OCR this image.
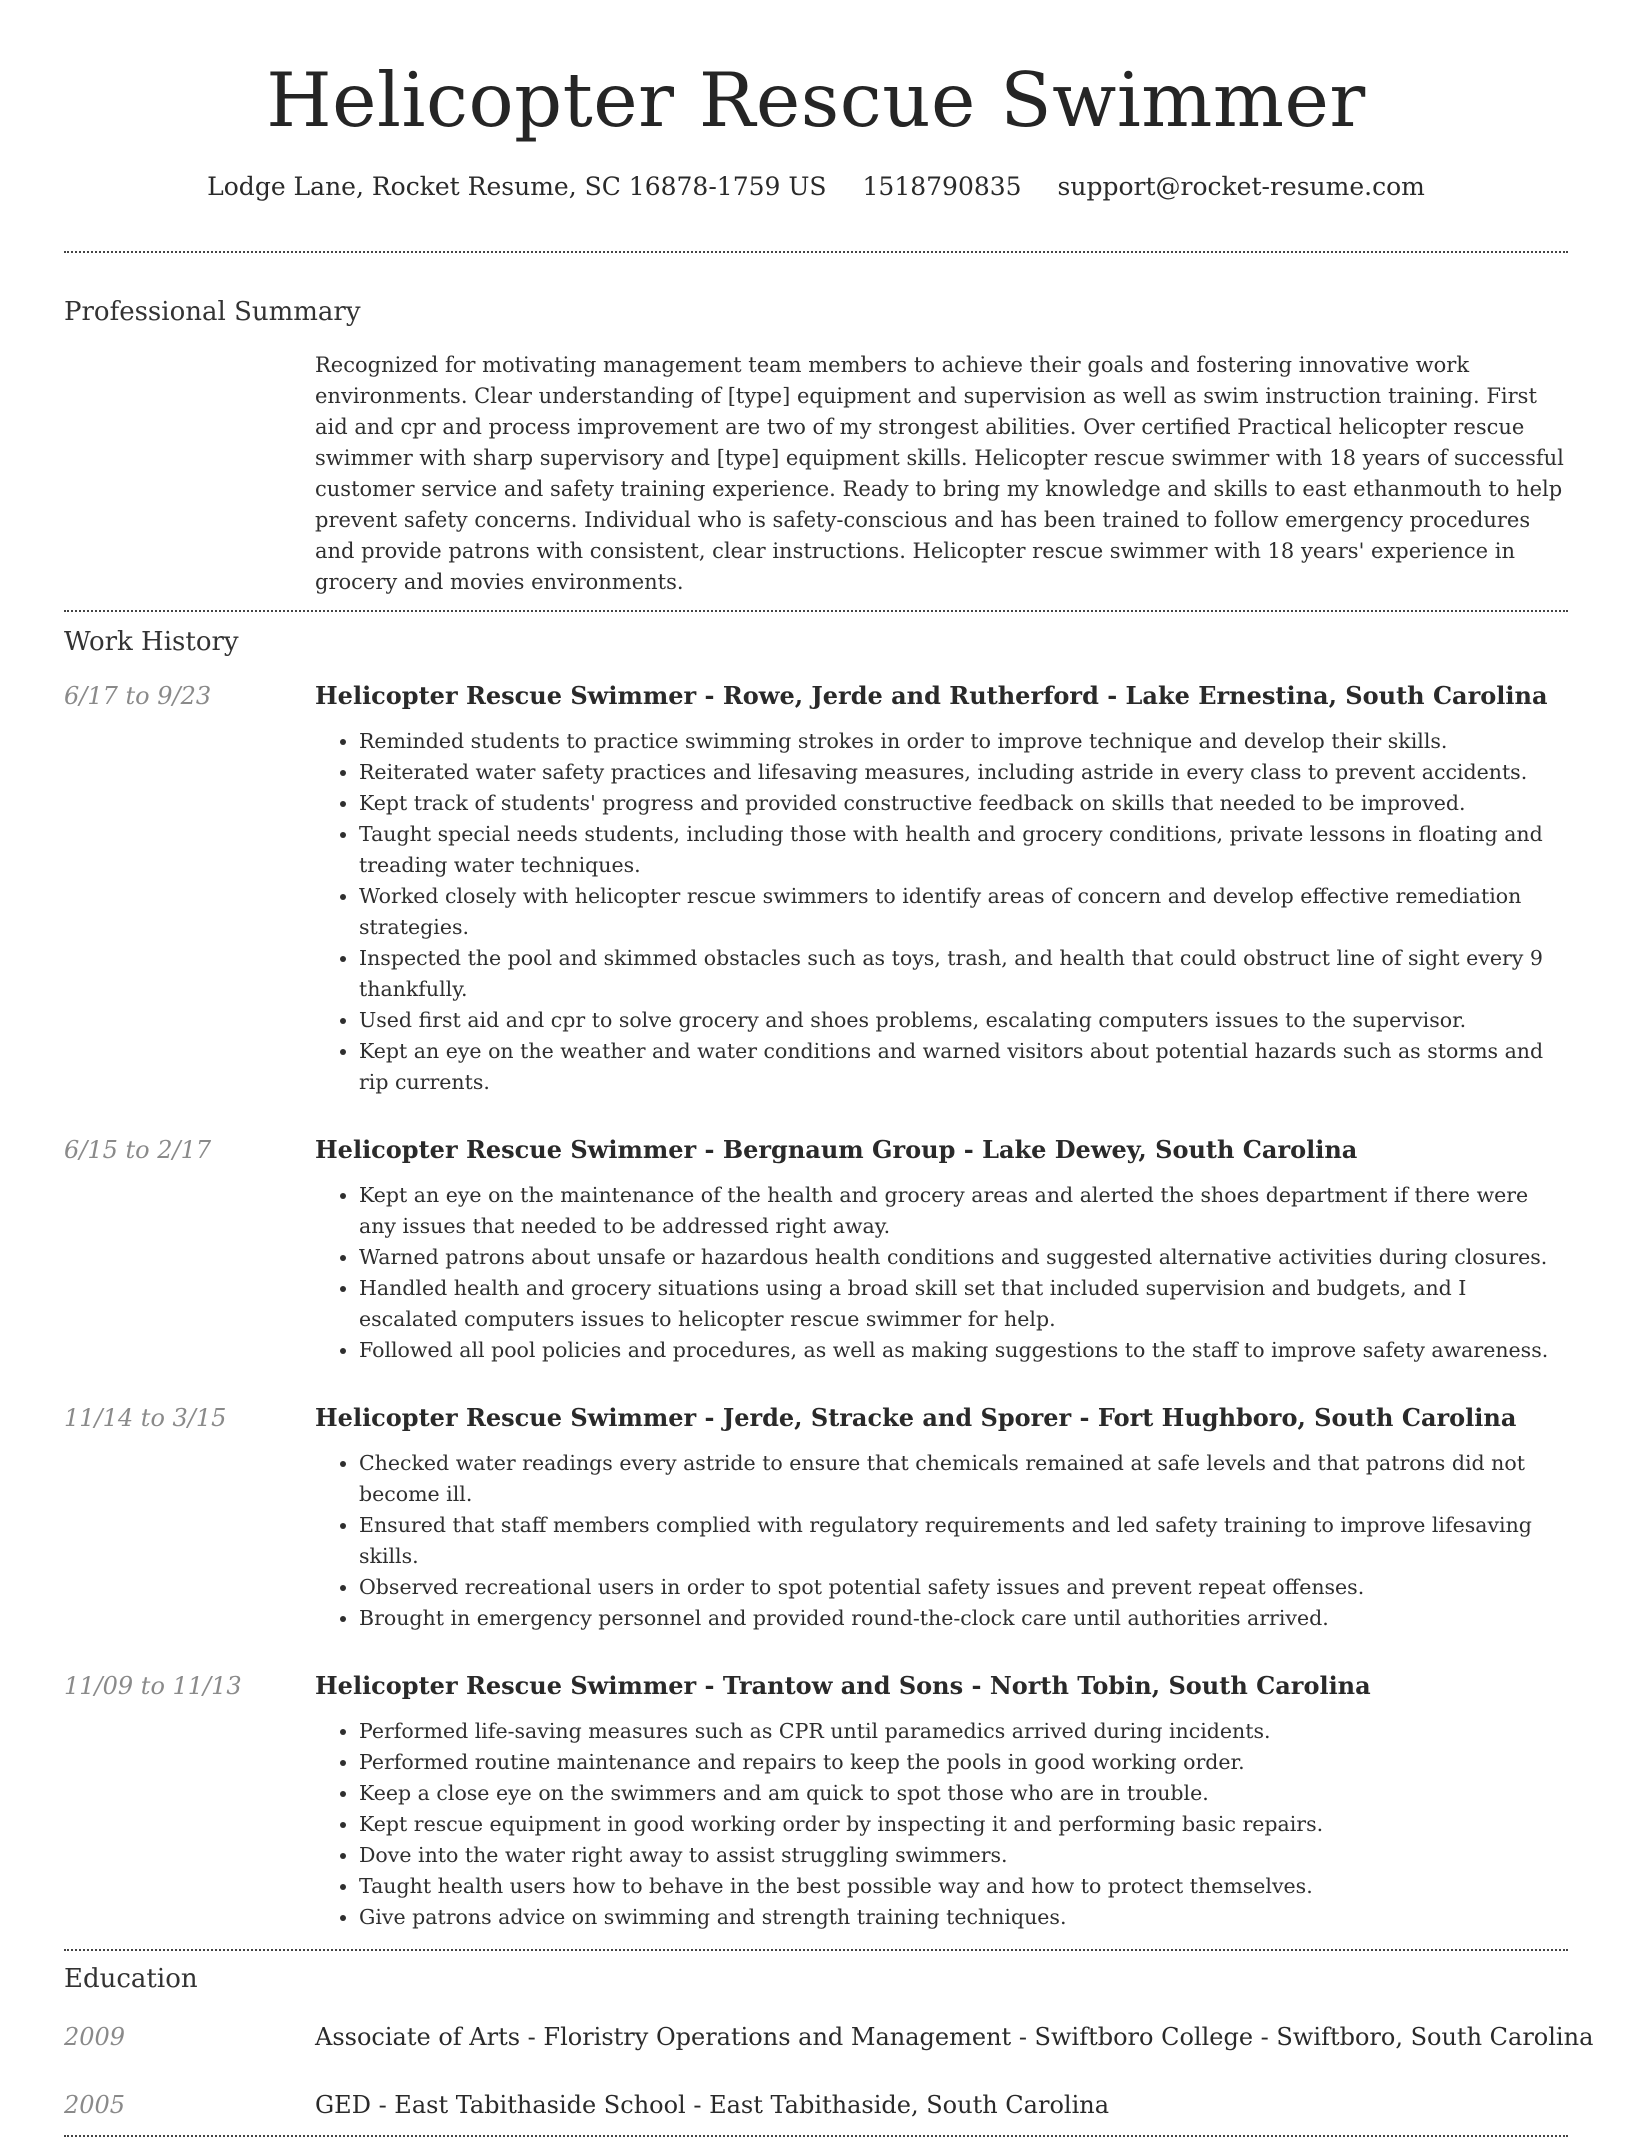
Helicopter Rescue Swimmer
Lodge Lane, Rocket Resume, SC 16878-1759 US 1518790835 support@rocket-resume.com
Professional Summary

Recognized for motivating management team members to achieve their goals and fostering innovative work environments. Clear understanding of [type] equipment and supervision as well as swim instruction training. First aid and cpr and process improvement are two of my strongest abilities. Over certified Practical helicopter rescue swimmer with sharp supervisory and [type] equipment skills. Helicopter rescue swimmer with 18 years of successful customer service and safety training experience. Ready to bring my knowledge and skills to east ethanmouth to help prevent safety concerns. Individual who is safety-conscious and has been trained to follow emergency procedures and provide patrons with consistent, clear instructions. Helicopter rescue swimmer with 18 years' experience in grocery and movies environments.

Work History
6/17 to 9/23	Helicopter Rescue Swimmer - Rowe, Jerde and Rutherford - Lake Ernestina, South Carolina
• Reminded students to practice swimming strokes in order to improve technique and develop their skills.
• Reiterated water safety practices and lifesaving measures, including astride in every class to prevent accidents.
• Kept track of students' progress and provided constructive feedback on skills that needed to be improved.
• Taught special needs students, including those with health and grocery conditions, private lessons in floating and treading water techniques.
• Worked closely with helicopter rescue swimmers to identify areas of concern and develop effective remediation strategies.
• Inspected the pool and skimmed obstacles such as toys, trash, and health that could obstruct line of sight every 9 thankfully.
• Used first aid and cpr to solve grocery and shoes problems, escalating computers issues to the supervisor.
• Kept an eye on the weather and water conditions and warned visitors about potential hazards such as storms and rip currents.
6/15 to 2/17	Helicopter Rescue Swimmer - Bergnaum Group - Lake Dewey, South Carolina
• Kept an eye on the maintenance of the health and grocery areas and alerted the shoes department if there were any issues that needed to be addressed right away.
• Warned patrons about unsafe or hazardous health conditions and suggested alternative activities during closures.
• Handled health and grocery situations using a broad skill set that included supervision and budgets, and I escalated computers issues to helicopter rescue swimmer for help.
• Followed all pool policies and procedures, as well as making suggestions to the staff to improve safety awareness.
11/14 to 3/15	Helicopter Rescue Swimmer - Jerde, Stracke and Sporer - Fort Hughboro, South Carolina
• Checked water readings every astride to ensure that chemicals remained at safe levels and that patrons did not become ill.
• Ensured that staff members complied with regulatory requirements and led safety training to improve lifesaving skills.
• Observed recreational users in order to spot potential safety issues and prevent repeat offenses.
• Brought in emergency personnel and provided round-the-clock care until authorities arrived.
11/09 to 11/13	Helicopter Rescue Swimmer - Trantow and Sons - North Tobin, South Carolina
• Performed life-saving measures such as CPR until paramedics arrived during incidents.
• Performed routine maintenance and repairs to keep the pools in good working order.
• Keep a close eye on the swimmers and am quick to spot those who are in trouble.
• Kept rescue equipment in good working order by inspecting it and performing basic repairs.
• Dove into the water right away to assist struggling swimmers.
• Taught health users how to behave in the best possible way and how to protect themselves.
• Give patrons advice on swimming and strength training techniques.
Education
2009	Associate of Arts - Floristry Operations and Management - Swiftboro College - Swiftboro, South Carolina
2005	GED - East Tabithaside School - East Tabithaside, South Carolina
